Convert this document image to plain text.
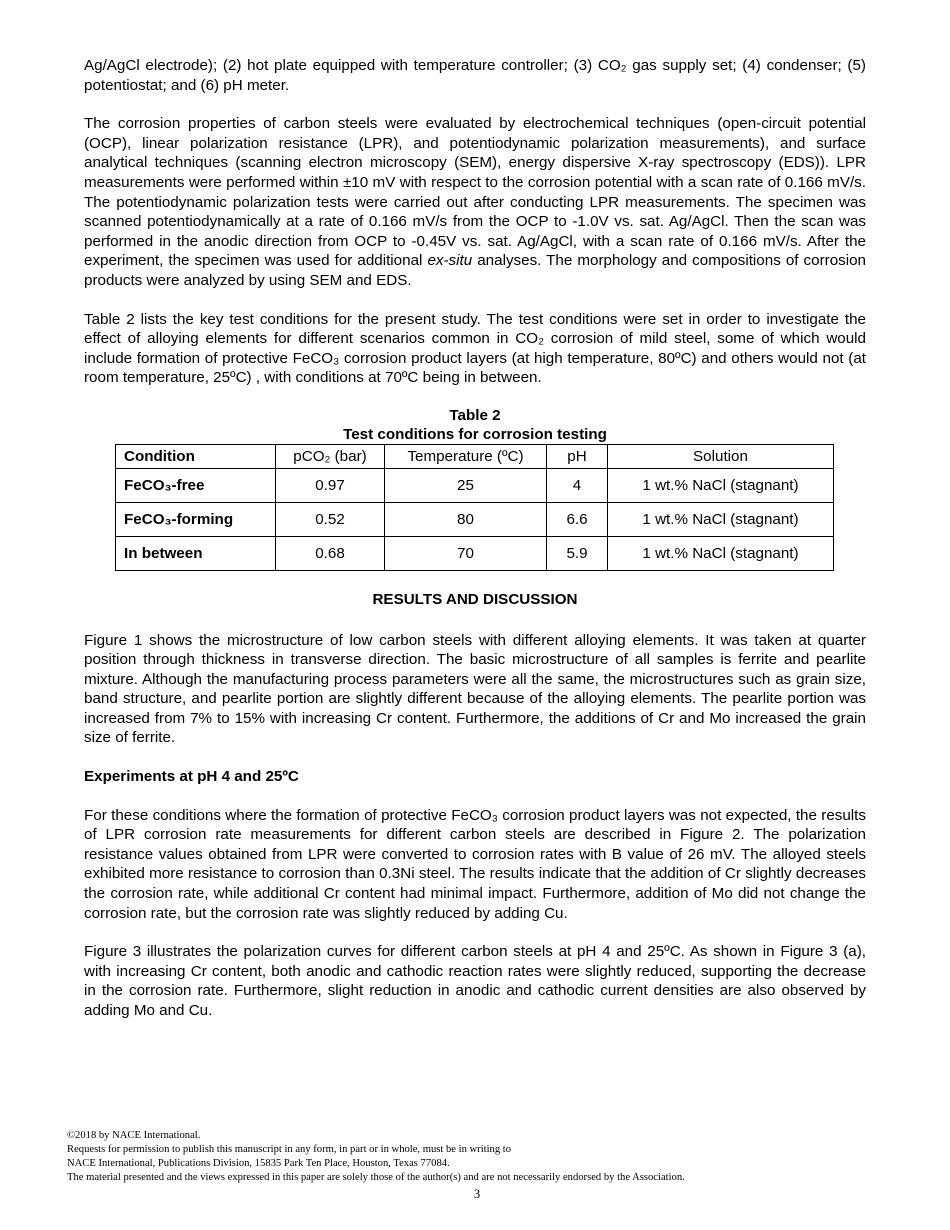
Ag/AgCl electrode); (2) hot plate equipped with temperature controller; (3) CO₂ gas supply set; (4) condenser; (5) potentiostat; and (6) pH meter.

The corrosion properties of carbon steels were evaluated by electrochemical techniques (open-circuit potential (OCP), linear polarization resistance (LPR), and potentiodynamic polarization measurements), and surface analytical techniques (scanning electron microscopy (SEM), energy dispersive X-ray spectroscopy (EDS)). LPR measurements were performed within ±10 mV with respect to the corrosion potential with a scan rate of 0.166 mV/s. The potentiodynamic polarization tests were carried out after conducting LPR measurements. The specimen was scanned potentiodynamically at a rate of 0.166 mV/s from the OCP to -1.0V vs. sat. Ag/AgCl. Then the scan was performed in the anodic direction from OCP to -0.45V vs. sat. Ag/AgCl, with a scan rate of 0.166 mV/s. After the experiment, the specimen was used for additional ex-situ analyses. The morphology and compositions of corrosion products were analyzed by using SEM and EDS.

Table 2 lists the key test conditions for the present study. The test conditions were set in order to investigate the effect of alloying elements for different scenarios common in CO₂ corrosion of mild steel, some of which would include formation of protective FeCO₃ corrosion product layers (at high temperature, 80ºC) and others would not (at room temperature, 25ºC) , with conditions at 70ºC being in between.

Table 2
Test conditions for corrosion testing
Condition	pCO₂ (bar)	Temperature (ºC)	pH	Solution
FeCO₃-free	0.97	25	4	1 wt.% NaCl (stagnant)
FeCO₃-forming	0.52	80	6.6	1 wt.% NaCl (stagnant)
In between	0.68	70	5.9	1 wt.% NaCl (stagnant)
RESULTS AND DISCUSSION

Figure 1 shows the microstructure of low carbon steels with different alloying elements. It was taken at quarter position through thickness in transverse direction. The basic microstructure of all samples is ferrite and pearlite mixture. Although the manufacturing process parameters were all the same, the microstructures such as grain size, band structure, and pearlite portion are slightly different because of the alloying elements. The pearlite portion was increased from 7% to 15% with increasing Cr content. Furthermore, the additions of Cr and Mo increased the grain size of ferrite.

Experiments at pH 4 and 25ºC

For these conditions where the formation of protective FeCO₃ corrosion product layers was not expected, the results of LPR corrosion rate measurements for different carbon steels are described in Figure 2. The polarization resistance values obtained from LPR were converted to corrosion rates with B value of 26 mV. The alloyed steels exhibited more resistance to corrosion than 0.3Ni steel. The results indicate that the addition of Cr slightly decreases the corrosion rate, while additional Cr content had minimal impact. Furthermore, addition of Mo did not change the corrosion rate, but the corrosion rate was slightly reduced by adding Cu.

Figure 3 illustrates the polarization curves for different carbon steels at pH 4 and 25ºC. As shown in Figure 3 (a), with increasing Cr content, both anodic and cathodic reaction rates were slightly reduced, supporting the decrease in the corrosion rate. Furthermore, slight reduction in anodic and cathodic current densities are also observed by adding Mo and Cu.

©2018 by NACE International.
Requests for permission to publish this manuscript in any form, in part or in whole, must be in writing to
NACE International, Publications Division, 15835 Park Ten Place, Houston, Texas 77084.
The material presented and the views expressed in this paper are solely those of the author(s) and are not necessarily endorsed by the Association.
3
